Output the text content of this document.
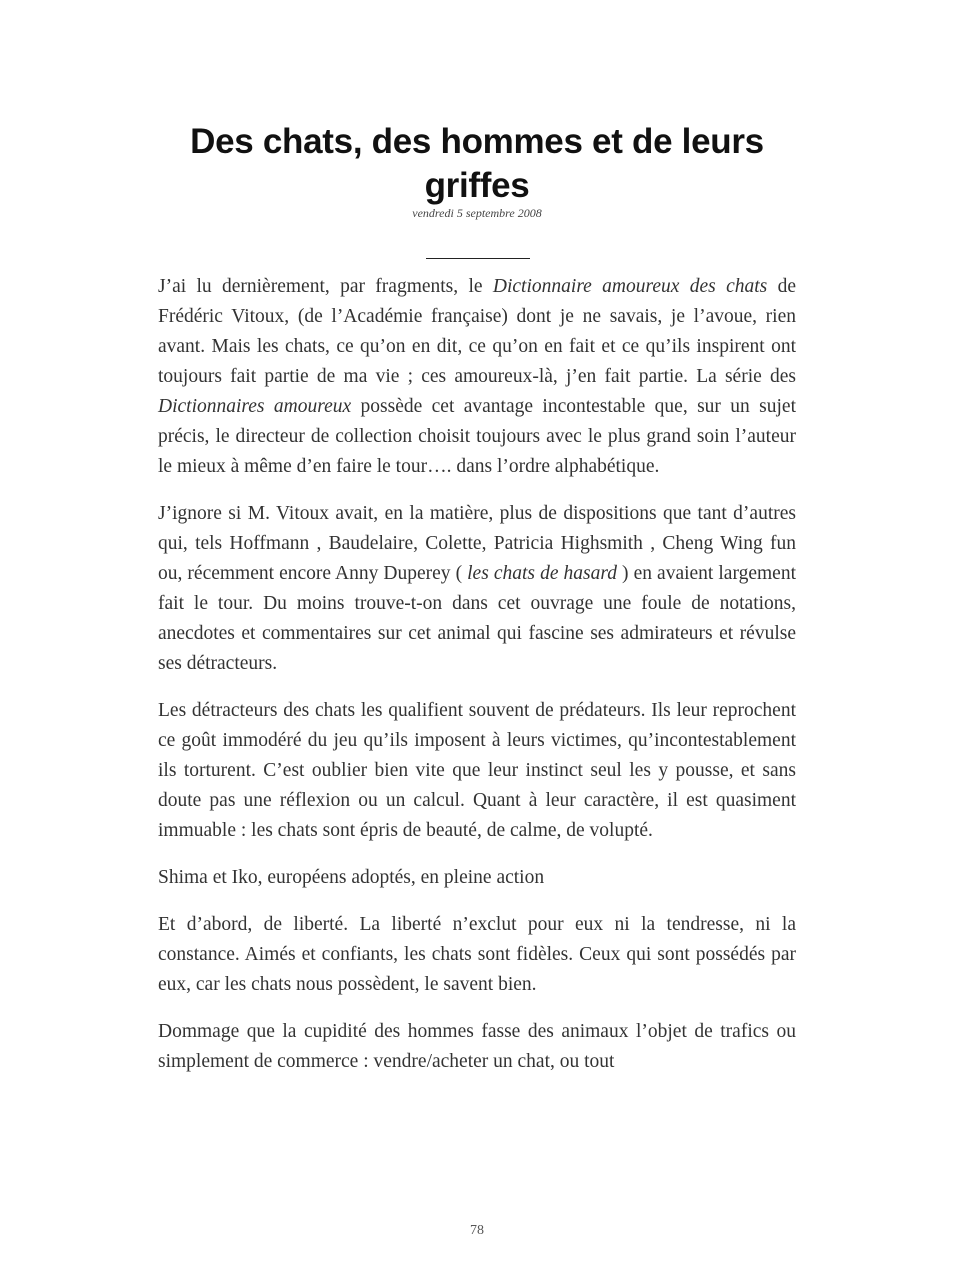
Des chats, des hommes et de leurs griffes
vendredi 5 septembre 2008

J’ai lu dernièrement, par fragments, le Dictionnaire amoureux des chats de Frédéric Vitoux, (de l’Académie française) dont je ne savais, je l’avoue, rien avant. Mais les chats, ce qu’on en dit, ce qu’on en fait et ce qu’ils inspirent ont toujours fait partie de ma vie ; ces amoureux-là, j’en fait partie. La série des Dictionnaires amoureux possède cet avantage incontestable que, sur un sujet précis, le directeur de collection choisit toujours avec le plus grand soin l’auteur le mieux à même d’en faire le tour…. dans l’ordre alphabétique.

J’ignore si M. Vitoux avait, en la matière, plus de dispositions que tant d’autres qui, tels Hoffmann , Baudelaire, Colette, Patricia Highsmith , Cheng Wing fun ou, récemment encore Anny Duperey ( les chats de hasard ) en avaient largement fait le tour. Du moins trouve-t-on dans cet ouvrage une foule de notations, anecdotes et commentaires sur cet animal qui fascine ses admirateurs et révulse ses détracteurs.

Les détracteurs des chats les qualifient souvent de prédateurs. Ils leur reprochent ce goût immodéré du jeu qu’ils imposent à leurs victimes, qu’incontestablement ils torturent. C’est oublier bien vite que leur instinct seul les y pousse, et sans doute pas une réflexion ou un calcul. Quant à leur caractère, il est quasiment immuable : les chats sont épris de beauté, de calme, de volupté.

Shima et Iko, européens adoptés, en pleine action

Et d’abord, de liberté. La liberté n’exclut pour eux ni la tendresse, ni la constance. Aimés et confiants, les chats sont fidèles. Ceux qui sont possédés par eux, car les chats nous possèdent, le savent bien.

Dommage que la cupidité des hommes fasse des animaux l’objet de trafics ou simplement de commerce : vendre/acheter un chat, ou tout

78
